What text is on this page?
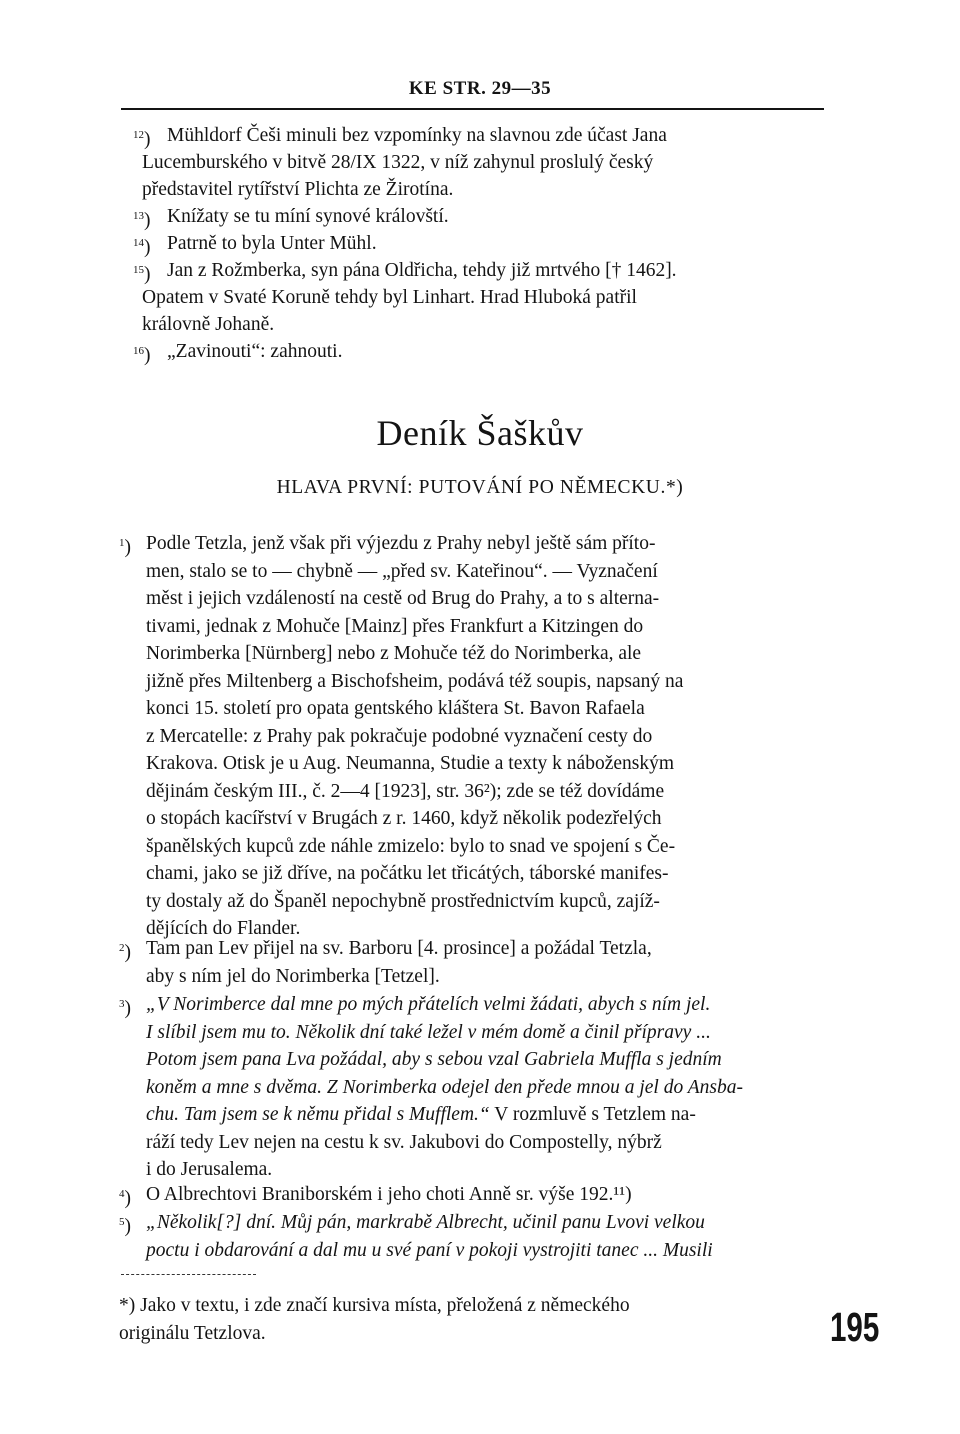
KE STR. 29—35
$^{12}$) Mühldorf Češi minuli bez vzpomínky na slavnou zde účast Jana
Lucemburského v bitvě 28/IX 1322, v níž zahynul proslulý český
představitel rytířství Plichta ze Žirotína.
$^{13}$) Knížaty se tu míní synové královští.
$^{14}$) Patrně to byla Unter Mühl.
$^{15}$) Jan z Rožmberka, syn pána Oldřicha, tehdy již mrtvého [† 1462].
Opatem v Svaté Koruně tehdy byl Linhart. Hrad Hluboká patřil
královně Johaně.
$^{16}$) „Zavinouti“: zahnouti.
Deník Šaškův
HLAVA PRVNÍ: PUTOVÁNÍ PO NĚMECKU.*)
$^1$) Podle Tetzla, jenž však při výjezdu z Prahy nebyl ještě sám příto-
men, stalo se to — chybně — „před sv. Kateřinou“. — Vyznačení
měst i jejich vzdáleností na cestě od Brug do Prahy, a to s alterna-
tivami, jednak z Mohuče [Mainz] přes Frankfurt a Kitzingen do
Norimberka [Nürnberg] nebo z Mohuče též do Norimberka, ale
jižně přes Miltenberg a Bischofsheim, podává též soupis, napsaný na
konci 15. století pro opata gentského kláštera St. Bavon Rafaela
z Mercatelle: z Prahy pak pokračuje podobné vyznačení cesty do
Krakova. Otisk je u Aug. Neumanna, Studie a texty k náboženským
dějinám českým III., č. 2—4 [1923], str. 36²); zde se též dovídáme
o stopách kacířství v Brugách z r. 1460, když několik podezřelých
španělských kupců zde náhle zmizelo: bylo to snad ve spojení s Če-
chami, jako se již dříve, na počátku let třicátých, táborské manifes-
ty dostaly až do Španěl nepochybně prostřednictvím kupců, zajíž-
dějících do Flander.
$^2$) Tam pan Lev přijel na sv. Barboru [4. prosince] a požádal Tetzla,
aby s ním jel do Norimberka [Tetzel].
$^3$) „V Norimberce dal mne po mých přátelích velmi žádati, abych s ním jel.
I slíbil jsem mu to. Několik dní také ležel v mém domě a činil přípravy ...
Potom jsem pana Lva požádal, aby s sebou vzal Gabriela Muffla s jedním
koněm a mne s dvěma. Z Norimberka odejel den přede mnou a jel do Ansba-
chu. Tam jsem se k němu přidal s Mufflem.“ V rozmluvě s Tetzlem na-
ráží tedy Lev nejen na cestu k sv. Jakubovi do Compostelly, nýbrž
i do Jerusalema.
$^4$) O Albrechtovi Braniborském i jeho choti Anně sr. výše 192.¹¹)
$^5$) „Několik[?] dní. Můj pán, markrabě Albrecht, učinil panu Lvovi velkou
poctu i obdarování a dal mu u své paní v pokoji vystrojiti tanec ... Musili
*) Jako v textu, i zde značí kursiva místa, přeložená z německého
originálu Tetzlova.	195
